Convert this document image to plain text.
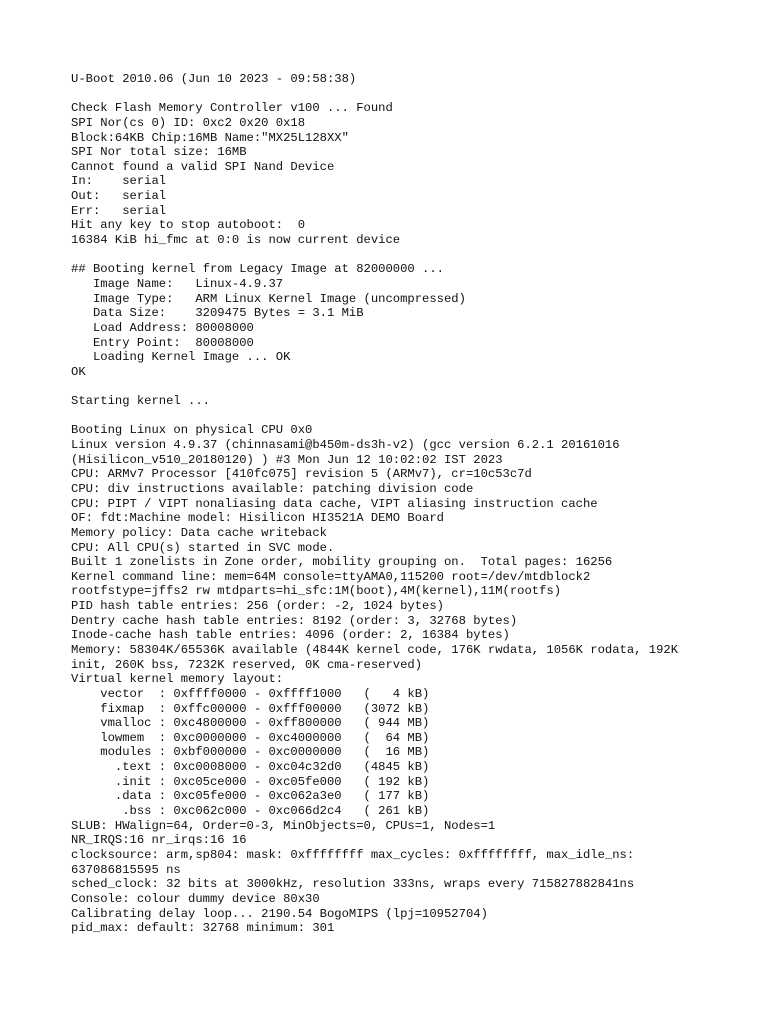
U-Boot 2010.06 (Jun 10 2023 - 09:58:38)

Check Flash Memory Controller v100 ... Found
SPI Nor(cs 0) ID: 0xc2 0x20 0x18
Block:64KB Chip:16MB Name:"MX25L128XX"
SPI Nor total size: 16MB
Cannot found a valid SPI Nand Device
In:    serial
Out:   serial
Err:   serial
Hit any key to stop autoboot:  0
16384 KiB hi_fmc at 0:0 is now current device

## Booting kernel from Legacy Image at 82000000 ...
Image Name:   Linux-4.9.37
Image Type:   ARM Linux Kernel Image (uncompressed)
Data Size:    3209475 Bytes = 3.1 MiB
Load Address: 80008000
Entry Point:  80008000
Loading Kernel Image ... OK
OK

Starting kernel ...

Booting Linux on physical CPU 0x0
Linux version 4.9.37 (chinnasami@b450m-ds3h-v2) (gcc version 6.2.1 20161016
(Hisilicon_v510_20180120) ) #3 Mon Jun 12 10:02:02 IST 2023
CPU: ARMv7 Processor [410fc075] revision 5 (ARMv7), cr=10c53c7d
CPU: div instructions available: patching division code
CPU: PIPT / VIPT nonaliasing data cache, VIPT aliasing instruction cache
OF: fdt:Machine model: Hisilicon HI3521A DEMO Board
Memory policy: Data cache writeback
CPU: All CPU(s) started in SVC mode.
Built 1 zonelists in Zone order, mobility grouping on.  Total pages: 16256
Kernel command line: mem=64M console=ttyAMA0,115200 root=/dev/mtdblock2
rootfstype=jffs2 rw mtdparts=hi_sfc:1M(boot),4M(kernel),11M(rootfs)
PID hash table entries: 256 (order: -2, 1024 bytes)
Dentry cache hash table entries: 8192 (order: 3, 32768 bytes)
Inode-cache hash table entries: 4096 (order: 2, 16384 bytes)
Memory: 58304K/65536K available (4844K kernel code, 176K rwdata, 1056K rodata, 192K
init, 260K bss, 7232K reserved, 0K cma-reserved)
Virtual kernel memory layout:
vector  : 0xffff0000 - 0xffff1000   (   4 kB)
fixmap  : 0xffc00000 - 0xfff00000   (3072 kB)
vmalloc : 0xc4800000 - 0xff800000   ( 944 MB)
lowmem  : 0xc0000000 - 0xc4000000   (  64 MB)
modules : 0xbf000000 - 0xc0000000   (  16 MB)
.text : 0xc0008000 - 0xc04c32d0   (4845 kB)
.init : 0xc05ce000 - 0xc05fe000   ( 192 kB)
.data : 0xc05fe000 - 0xc062a3e0   ( 177 kB)
.bss : 0xc062c000 - 0xc066d2c4   ( 261 kB)
SLUB: HWalign=64, Order=0-3, MinObjects=0, CPUs=1, Nodes=1
NR_IRQS:16 nr_irqs:16 16
clocksource: arm,sp804: mask: 0xffffffff max_cycles: 0xffffffff, max_idle_ns:
637086815595 ns
sched_clock: 32 bits at 3000kHz, resolution 333ns, wraps every 715827882841ns
Console: colour dummy device 80x30
Calibrating delay loop... 2190.54 BogoMIPS (lpj=10952704)
pid_max: default: 32768 minimum: 301
